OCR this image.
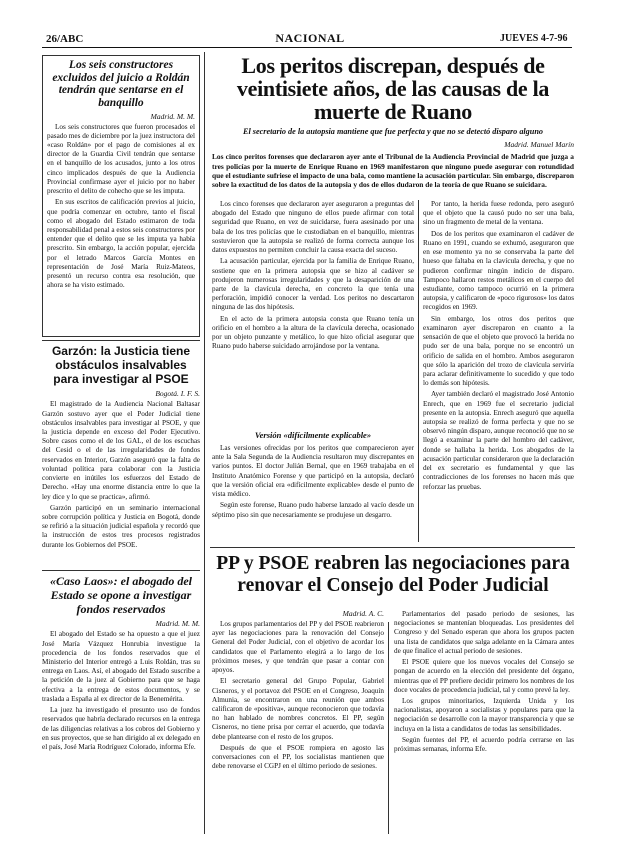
26/ABC	NACIONAL	JUEVES 4-7-96
Los seis constructores excluidos del juicio a Roldán tendrán que sentarse en el banquillo
Madrid. M. M.

Los seis constructores que fueron procesados el pasado mes de diciembre por la juez instructora del «caso Roldán» por el pago de comisiones al ex director de la Guardia Civil tendrán que sentarse en el banquillo de los acusados, junto a los otros cinco implicados después de que la Audiencia Provincial confirmase ayer el juicio por no haber prescrito el delito de cohecho que se les imputa.

En sus escritos de calificación previos al juicio, que podría comenzar en octubre, tanto el fiscal como el abogado del Estado estimaron de toda responsabilidad penal a estos seis constructores por entender que el delito que se les imputa ya había prescrito. Sin embargo, la acción popular, ejercida por el letrado Marcos García Montes en representación de José María Ruiz-Mateos, presentó un recurso contra esa resolución, que ahora se ha visto estimado.

Garzón: la Justicia tiene obstáculos insalvables para investigar al PSOE
Bogotá. I. F. S.

El magistrado de la Audiencia Nacional Baltasar Garzón sostuvo ayer que el Poder Judicial tiene obstáculos insalvables para investigar al PSOE, y que la justicia depende en exceso del Poder Ejecutivo. Sobre casos como el de los GAL, el de los escuchas del Cesid o el de las irregularidades de fondos reservados en Interior, Garzón aseguró que la falta de voluntad política para colaborar con la Justicia convierte en inútiles los esfuerzos del Estado de Derecho. «Hay una enorme distancia entre lo que la ley dice y lo que se practica», afirmó.

Garzón participó en un seminario internacional sobre corrupción política y Justicia en Bogotá, donde se refirió a la situación judicial española y recordó que la instrucción de estos tres procesos registrados durante los Gobiernos del PSOE.

«Caso Laos»: el abogado del Estado se opone a investigar fondos reservados
Madrid. M. M.

El abogado del Estado se ha opuesto a que el juez José María Vázquez Honrubia investigue la procedencia de los fondos reservados que el Ministerio del Interior entregó a Luis Roldán, tras su entrega en Laos. Así, el abogado del Estado suscribe a la petición de la juez al Gobierno para que se haga efectiva a la entrega de estos documentos, y se traslada a España al ex director de la Benemérita.

La juez ha investigado el presunto uso de fondos reservados que habría declarado recursos en la entrega de las diligencias relativas a los cobros del Gobierno y en sus proyectos, que se han dirigido al ex delegado en el país, José María Rodríguez Colorado, informa Efe.

Los peritos discrepan, después de veintisiete años, de las causas de la muerte de Ruano
El secretario de la autopsia mantiene que fue perfecta y que no se detectó disparo alguno
Madrid. Manuel Marín
Los cinco peritos forenses que declararon ayer ante el Tribunal de la Audiencia Provincial de Madrid que juzga a tres policías por la muerte de Enrique Ruano en 1969 manifestaron que ninguno puede asegurar con rotundidad que el estudiante sufriese el impacto de una bala, como mantiene la acusación particular. Sin embargo, discreparon sobre la exactitud de los datos de la autopsia y dos de ellos dudaron de la teoría de que Ruano se suicidara.

Los cinco forenses que declararon ayer aseguraron a preguntas del abogado del Estado que ninguno de ellos puede afirmar con total seguridad que Ruano, en vez de suicidarse, fuera asesinado por una bala de los tres policías que le custodiaban en el banquillo, mientras sostuvieron que la autopsia se realizó de forma correcta aunque los datos expuestos no permiten concluir la causa exacta del suceso.

La acusación particular, ejercida por la familia de Enrique Ruano, sostiene que en la primera autopsia que se hizo al cadáver se produjeron numerosas irregularidades y que la desaparición de una parte de la clavícula derecha, en concreto la que tenía una perforación, impidió conocer la verdad. Los peritos no descartaron ninguna de las dos hipótesis.

En el acto de la primera autopsia consta que Ruano tenía un orificio en el hombro a la altura de la clavícula derecha, ocasionado por un objeto punzante y metálico, lo que hizo oficial asegurar que Ruano pudo haberse suicidado arrojándose por la ventana.

Versión «difícilmente explicable»

Las versiones ofrecidas por los peritos que comparecieron ayer ante la Sala Segunda de la Audiencia resultaron muy discrepantes en varios puntos. El doctor Julián Bernal, que en 1969 trabajaba en el Instituto Anatómico Forense y que participó en la autopsia, declaró que la versión oficial era «difícilmente explicable» desde el punto de vista médico.

Según este forense, Ruano pudo haberse lanzado al vacío desde un séptimo piso sin que necesariamente se produjese un desgarro.

Por tanto, la herida fuese redonda, pero aseguró que el objeto que la causó pudo no ser una bala, sino un fragmento de metal de la ventana.

Dos de los peritos que examinaron el cadáver de Ruano en 1991, cuando se exhumó, aseguraron que en ese momento ya no se conservaba la parte del hueso que faltaba en la clavícula derecha, y que no pudieron confirmar ningún indicio de disparo. Tampoco hallaron restos metálicos en el cuerpo del estudiante, como tampoco ocurrió en la primera autopsia, y calificaron de «poco rigurosos» los datos recogidos en 1969.

Sin embargo, los otros dos peritos que examinaron ayer discreparon en cuanto a la sensación de que el objeto que provocó la herida no pudo ser de una bala, porque no se encontró un orificio de salida en el hombro. Ambos aseguraron que sólo la aparición del trozo de clavícula serviría para aclarar definitivamente lo sucedido y que todo lo demás son hipótesis.

Ayer también declaró el magistrado José Antonio Enrech, que en 1969 fue el secretario judicial presente en la autopsia. Enrech aseguró que aquella autopsia se realizó de forma perfecta y que no se observó ningún disparo, aunque reconoció que no se llegó a examinar la parte del hombro del cadáver, donde se hallaba la herida. Los abogados de la acusación particular consideraron que la declaración del ex secretario es fundamental y que las contradicciones de los forenses no hacen más que reforzar las pruebas.

PP y PSOE reabren las negociaciones para renovar el Consejo del Poder Judicial
Madrid. A. C.

Los grupos parlamentarios del PP y del PSOE reabrieron ayer las negociaciones para la renovación del Consejo General del Poder Judicial, con el objetivo de acordar los candidatos que el Parlamento elegirá a lo largo de los próximos meses, y que tendrán que pasar a contar con apoyos.

El secretario general del Grupo Popular, Gabriel Cisneros, y el portavoz del PSOE en el Congreso, Joaquín Almunia, se encontraron en una reunión que ambos calificaron de «positiva», aunque reconocieron que todavía no han hablado de nombres concretos. El PP, según Cisneros, no tiene prisa por cerrar el acuerdo, que todavía debe plantearse con el resto de los grupos.

Después de que el PSOE rompiera en agosto las conversaciones con el PP, los socialistas mantienen que debe renovarse el CGPJ en el último periodo de sesiones.

Parlamentarios del pasado periodo de sesiones, las negociaciones se mantenían bloqueadas. Los presidentes del Congreso y del Senado esperan que ahora los grupos pacten una lista de candidatos que salga adelante en la Cámara antes de que finalice el actual periodo de sesiones.

El PSOE quiere que los nuevos vocales del Consejo se pongan de acuerdo en la elección del presidente del órgano, mientras que el PP prefiere decidir primero los nombres de los doce vocales de procedencia judicial, tal y como prevé la ley.

Los grupos minoritarios, Izquierda Unida y los nacionalistas, apoyaron a socialistas y populares para que la negociación se desarrolle con la mayor transparencia y que se incluya en la lista a candidatos de todas las sensibilidades.

Según fuentes del PP, el acuerdo podría cerrarse en las próximas semanas, informa Efe.
